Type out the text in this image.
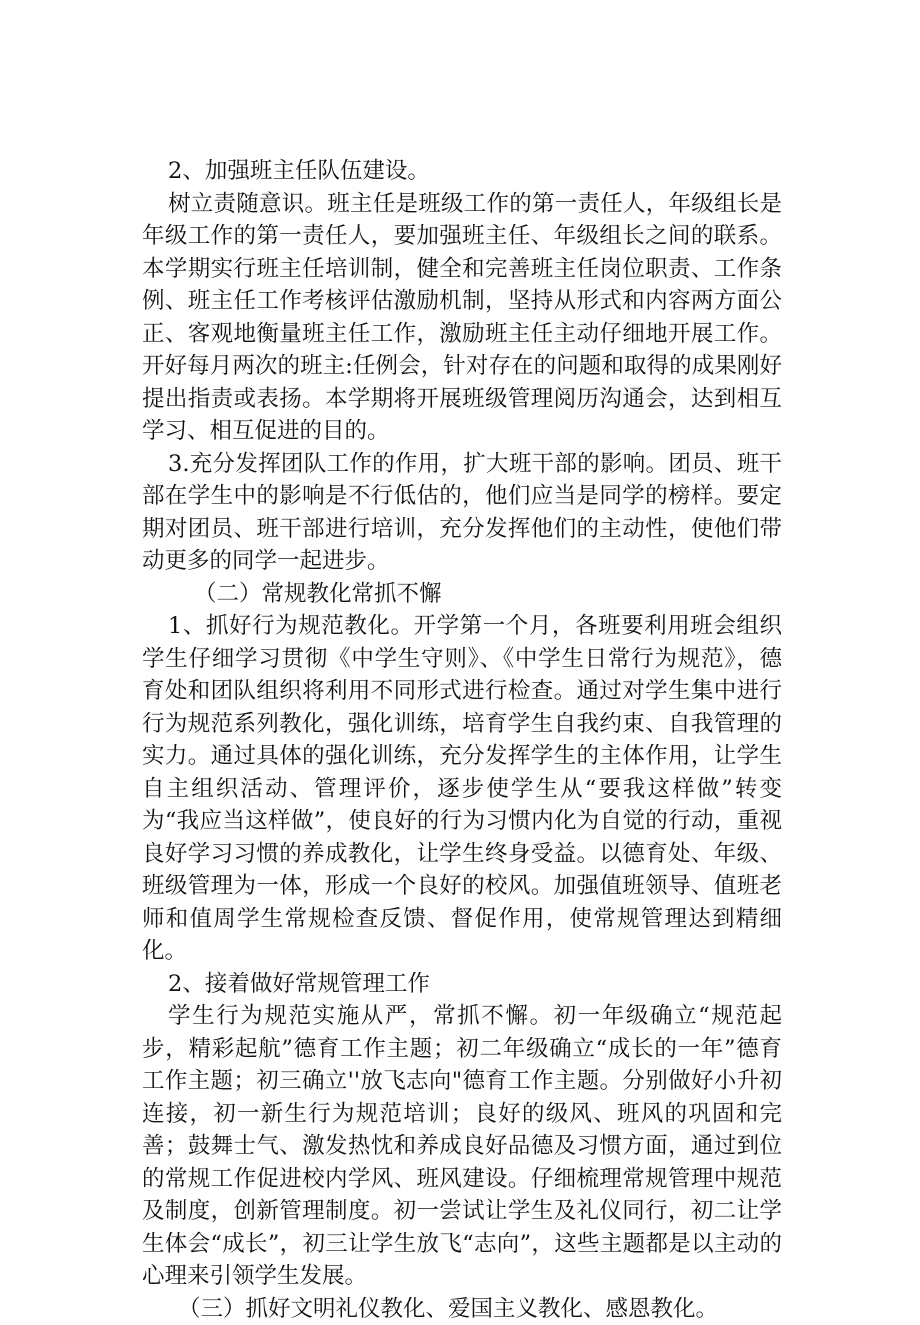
2、加强班主任队伍建设。

树立责随意识。班主任是班级工作的第一责任人，年级组长是年级工作的第一责任人，要加强班主任、年级组长之间的联系。本学期实行班主任培训制，健全和完善班主任岗位职责、工作条例、班主任工作考核评估激励机制，坚持从形式和内容两方面公正、客观地衡量班主任工作，激励班主任主动仔细地开展工作。开好每月两次的班主:任例会，针对存在的问题和取得的成果刚好提出指责或表扬。本学期将开展班级管理阅历沟通会，达到相互学习、相互促进的目的。

3.充分发挥团队工作的作用，扩大班干部的影响。团员、班干部在学生中的影响是不行低估的，他们应当是同学的榜样。要定期对团员、班干部进行培训，充分发挥他们的主动性，使他们带动更多的同学一起进步。

（二）常规教化常抓不懈

1、抓好行为规范教化。开学第一个月，各班要利用班会组织学生仔细学习贯彻《中学生守则》、《中学生日常行为规范》，德育处和团队组织将利用不同形式进行检查。通过对学生集中进行行为规范系列教化，强化训练，培育学生自我约束、自我管理的实力。通过具体的强化训练，充分发挥学生的主体作用，让学生自主组织活动、管理评价，逐步使学生从“要我这样做”转变为“我应当这样做”，使良好的行为习惯内化为自觉的行动，重视良好学习习惯的养成教化，让学生终身受益。以德育处、年级、班级管理为一体，形成一个良好的校风。加强值班领导、值班老师和值周学生常规检查反馈、督促作用，使常规管理达到精细化。

2、接着做好常规管理工作

学生行为规范实施从严，常抓不懈。初一年级确立“规范起步，精彩起航”德育工作主题；初二年级确立“成长的一年”德育工作主题；初三确立''放飞志向"德育工作主题。分别做好小升初连接，初一新生行为规范培训；良好的级风、班风的巩固和完善；鼓舞士气、激发热忱和养成良好品德及习惯方面，通过到位的常规工作促进校内学风、班风建设。仔细梳理常规管理中规范及制度，创新管理制度。初一尝试让学生及礼仪同行，初二让学生体会“成长”，初三让学生放飞“志向”，这些主题都是以主动的心理来引领学生发展。

（三）抓好文明礼仪教化、爱国主义教化、感恩教化。
